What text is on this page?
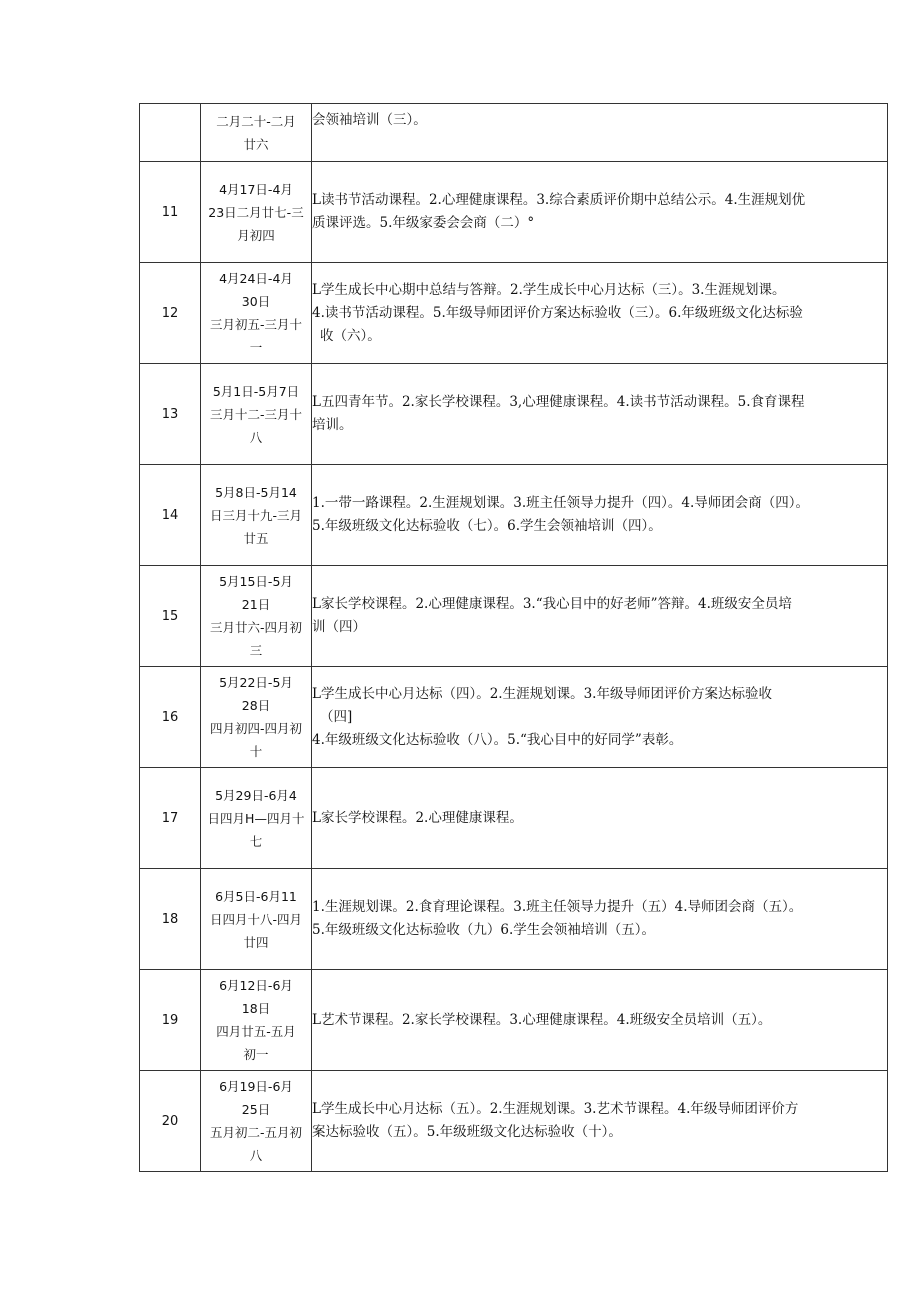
	二月二十-二月
廿六	会领袖培训（三）。

11	4月17日-4月
23日二月廿七-三
月初四	L读书节活动课程。2.心理健康课程。3.综合素质评价期中总结公示。4.生涯规划优
质课评选。5.年级家委会会商（二）°

12	4月24日-4月
30日
三月初五-三月十
一	L学生成长中心期中总结与答辩。2.学生成长中心月达标（三）。3.生涯规划课。
4.读书节活动课程。5.年级导师团评价方案达标验收（三）。6.年级班级文化达标验
收（六）。

13	5月1日-5月7日
三月十二-三月十
八	L五四青年节。2.家长学校课程。3,心理健康课程。4.读书节活动课程。5.食育课程
培训。

14	5月8日-5月14
日三月十九-三月
廿五	1.一带一路课程。2.生涯规划课。3.班主任领导力提升（四）。4.导师团会商（四）。
5.年级班级文化达标验收（七）。6.学生会领袖培训（四）。

15	5月15日-5月
21日
三月廿六-四月初
三	L家长学校课程。2.心理健康课程。3.“我心目中的好老师”答辩。4.班级安全员培
训（四）

16	5月22日-5月
28日
四月初四-四月初
十	L学生成长中心月达标（四）。2.生涯规划课。3.年级导师团评价方案达标验收
（四]
4.年级班级文化达标验收（八）。5.“我心目中的好同学”表彰。

17	5月29日-6月4
日四月H—四月十
七	L家长学校课程。2.心理健康课程。

18	6月5日-6月11
日四月十八-四月
廿四	1.生涯规划课。2.食育理论课程。3.班主任领导力提升（五）4.导师团会商（五）。
5.年级班级文化达标验收（九）6.学生会领袖培训（五）。

19	6月12日-6月
18日
四月廿五-五月
初一	L艺术节课程。2.家长学校课程。3.心理健康课程。4.班级安全员培训（五）。

20	6月19日-6月
25日
五月初二-五月初
八	L学生成长中心月达标（五）。2.生涯规划课。3.艺术节课程。4.年级导师团评价方
案达标验收（五）。5.年级班级文化达标验收（十）。
